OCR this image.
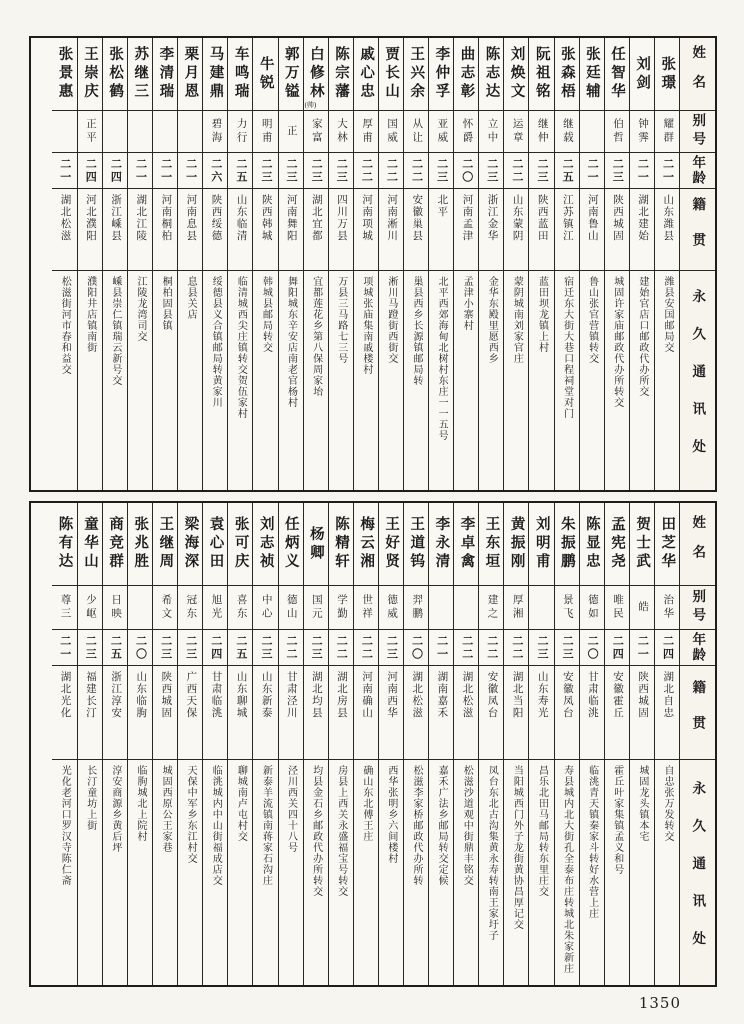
姓名
别号
年龄
籍贯
永久通讯处
张璟
耀群
二一
山东潍县
潍县安国邮局交
刘剑
钟霁
二一
湖北建始
建始官店口邮政代办所交
任智华
伯哲
二三
陕西城固
城固许家庙邮政代办所转交
张廷辅
二一
河南鲁山
鲁山张官营镇转交
张森梧
继载
二五
江苏镇江
宿迁东大街大巷口程祠堂对门
阮祖铭
继仲
二三
陕西蓝田
蓝田坝龙镇上村
刘焕文
运章
二二
山东蒙阴
蒙阴城南刘家官庄
陈志达
立中
二三
浙江金华
金华东殿里愿西乡
曲志彰
怀爵
二〇
河南孟津
孟津小寨村
李仲孚
亚威
二三
北平
北平西郊海甸北树村东庄一一五号
王兴余
从让
二二
安徽巢县
巢县西乡长源镇邮局转
贾长山
国威
二二
河南淅川
淅川马蹬街西街交
戚心忠
厚甫
二二
河南项城
项城张庙集南戚楼村
陈宗藩
大林
二三
四川万县
万县三马路七三号
白修林
(帅)
家富
二三
湖北宜都
宜都莲花乡第八保周家坮
郭万镒
正
二三
河南舞阳
舞阳城东辛安店南老官杨村
牛锐
明甫
二三
陕西韩城
韩城县邮局转交
车鸣瑞
力行
二五
山东临清
临清城西尖庄镇转交贺伍家村
马建鼎
碧海
二六
陕西绥德
绥德县义合镇邮局转黄家川
栗月恩
二一
河南息县
息县关店
李清瑞
二一
河南桐柏
桐柏固县镇
苏继三
二一
湖北江陵
江陵龙湾司交
张松鹤
二四
浙江嵊县
嵊县崇仁镇瑞云新号交
王崇庆
正平
二四
河北濮阳
濮阳井店镇南街
张景惠
二一
湖北松滋
松滋街河市春和益交
姓名
别号
年龄
籍贯
永久通讯处
田芝华
治华
二四
湖北自忠
自忠张万发转交
贺士武
皓
二一
陕西城固
城固龙头镇本宅
孟宪尧
唯民
二四
安徽霍丘
霍丘叶家集镇孟义和号
陈显忠
德如
二〇
甘肃临洮
临洮青天镇秦家斗转好水营上庄
朱振鹏
景飞
二三
安徽凤台
寿县城内北大街孔全泰布庄转城北朱家新庄
刘明甫
二三
山东寿光
昌乐北田马邮局转东里庄交
黄振刚
厚湘
二二
湖北当阳
当阳城西门外子龙街黄协昌厚记交
王东垣
建之
二二
安徽凤台
凤台东北古沟集黄永寿转南王家圩子
李卓禽
二二
湖北松滋
松滋沙道观中街鼎丰铭交
李永清
二一
湖南嘉禾
嘉禾广法乡邮局转交定候
王道钨
羿鹏
二〇
湖北松滋
松滋李家桥邮政代办所转
王好贤
德威
二三
河南西华
西华张明乡六间楼村
梅云湘
世祥
二二
河南确山
确山东北傅王庄
陈精轩
学勤
二二
湖北房县
房县上西关永盛福宝号转交
杨卿
国元
二三
湖北均县
均县金石乡邮政代办所转交
任炳义
德山
二二
甘肃泾川
泾川西关四十八号
刘志祯
中心
二三
山东新泰
新泰羊流镇南蒋家石沟庄
张可庆
喜东
二五
山东聊城
聊城南卢屯村交
袁心田
旭光
二四
甘肃临洮
临洮城内中山街福成店交
梁海深
冠东
二三
广西天保
天保中军乡东江村交
王继周
希文
二三
陕西城固
城固西原公王家巷
张兆胜
二〇
山东临朐
临朐城北上院村
商竞群
日映
二五
浙江淳安
淳安商源乡黄后坪
童华山
少岖
二三
福建长汀
长汀童坊上街
陈有达
尊三
二一
湖北光化
光化老河口罗汉寺陈仁斋
1350
